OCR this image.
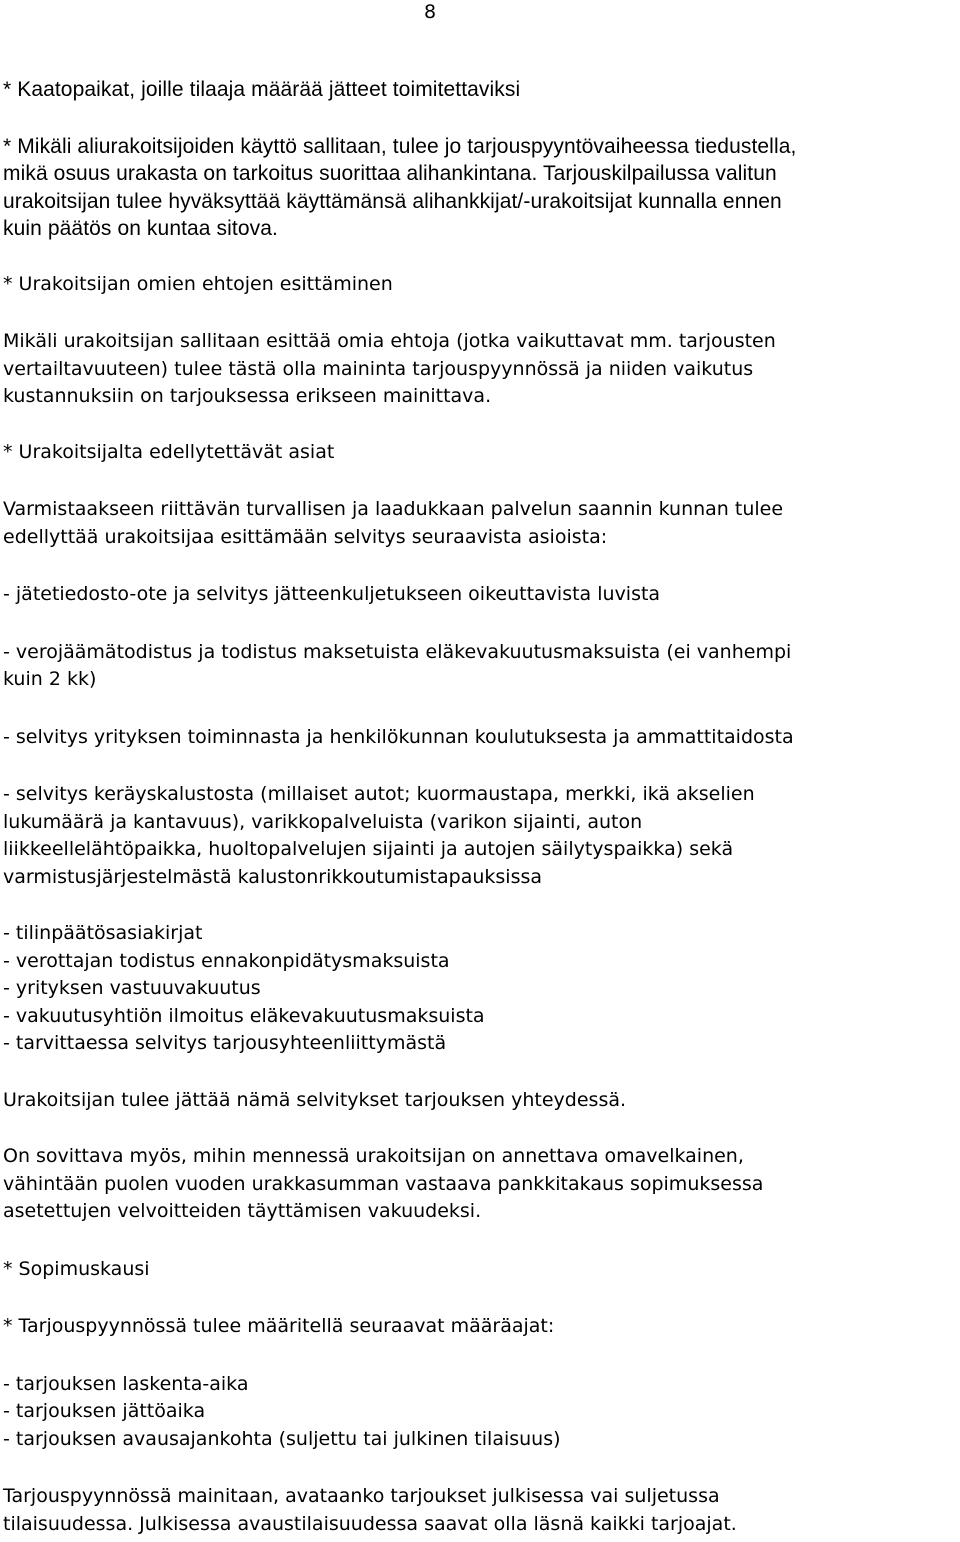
8

* Kaatopaikat, joille tilaaja määrää jätteet toimitettaviksi

* Mikäli aliurakoitsijoiden käyttö sallitaan, tulee jo tarjouspyyntövaiheessa tiedustella,
mikä osuus urakasta on tarkoitus suorittaa alihankintana. Tarjouskilpailussa valitun
urakoitsijan tulee hyväksyttää käyttämänsä alihankkijat/-urakoitsijat kunnalla ennen
kuin päätös on kuntaa sitova.

* Urakoitsijan omien ehtojen esittäminen

Mikäli urakoitsijan sallitaan esittää omia ehtoja (jotka vaikuttavat mm. tarjousten
vertailtavuuteen) tulee tästä olla maininta tarjouspyynnössä ja niiden vaikutus
kustannuksiin on tarjouksessa erikseen mainittava.

* Urakoitsijalta edellytettävät asiat

Varmistaakseen riittävän turvallisen ja laadukkaan palvelun saannin kunnan tulee
edellyttää urakoitsijaa esittämään selvitys seuraavista asioista:

- jätetiedosto-ote ja selvitys jätteenkuljetukseen oikeuttavista luvista

- verojäämätodistus ja todistus maksetuista eläkevakuutusmaksuista (ei vanhempi
kuin 2 kk)

- selvitys yrityksen toiminnasta ja henkilökunnan koulutuksesta ja ammattitaidosta

- selvitys keräyskalustosta (millaiset autot; kuormaustapa, merkki, ikä akselien
lukumäärä ja kantavuus), varikkopalveluista (varikon sijainti, auton
liikkeellelähtöpaikka, huoltopalvelujen sijainti ja autojen säilytyspaikka) sekä
varmistusjärjestelmästä kalustonrikkoutumistapauksissa

- tilinpäätösasiakirjat
- verottajan todistus ennakonpidätysmaksuista
- yrityksen vastuuvakuutus
- vakuutusyhtiön ilmoitus eläkevakuutusmaksuista
- tarvittaessa selvitys tarjousyhteenliittymästä

Urakoitsijan tulee jättää nämä selvitykset tarjouksen yhteydessä.

On sovittava myös, mihin mennessä urakoitsijan on annettava omavelkainen,
vähintään puolen vuoden urakkasumman vastaava pankkitakaus sopimuksessa
asetettujen velvoitteiden täyttämisen vakuudeksi.

* Sopimuskausi

* Tarjouspyynnössä tulee määritellä seuraavat määräajat:

- tarjouksen laskenta-aika
- tarjouksen jättöaika
- tarjouksen avausajankohta (suljettu tai julkinen tilaisuus)

Tarjouspyynnössä mainitaan, avataanko tarjoukset julkisessa vai suljetussa
tilaisuudessa. Julkisessa avaustilaisuudessa saavat olla läsnä kaikki tarjoajat.
